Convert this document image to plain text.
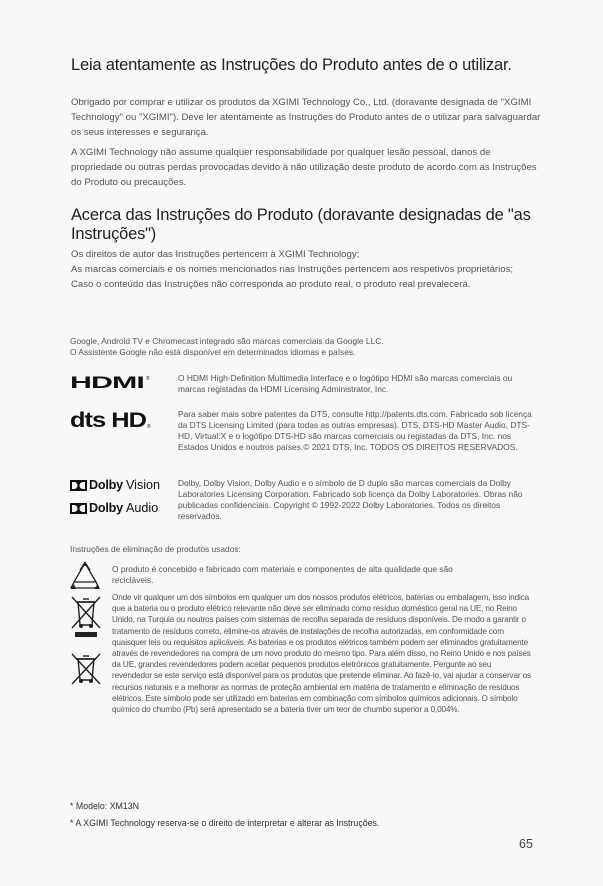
Leia atentamente as Instruções do Produto antes de o utilizar.

Obrigado por comprar e utilizar os produtos da XGIMI Technology Co., Ltd. (doravante designada de "XGIMI Technology" ou "XGIMI"). Deve ler atentamente as Instruções do Produto antes de o utilizar para salvaguardar os seus interesses e segurança.

A XGIMI Technology não assume qualquer responsabilidade por qualquer lesão pessoal, danos de propriedade ou outras perdas provocadas devido à não utilização deste produto de acordo com as Instruções do Produto ou precauções.

Acerca das Instruções do Produto (doravante designadas de "as Instruções")
Os direitos de autor das Instruções pertencem à XGIMI Technology;
As marcas comerciais e os nomes mencionados nas Instruções pertencem aos respetivos proprietários;
Caso o conteúdo das Instruções não corresponda ao produto real, o produto real prevalecerá.

Google, Android TV e Chromecast integrado são marcas comerciais da Google LLC.

O Assistente Google não está disponível em determinados idiomas e países.

HDMI ®	O HDMI High-Definition Multimedia Interface e o logótipo HDMI são marcas comerciais ou marcas registadas da HDMI Licensing Administrator, Inc.

dts HD ®

Para saber mais sobre patentes da DTS, consulte http://patents.dts.com. Fabricado sob licença da DTS Licensing Limited (para todas as outras empresas). DTS, DTS-HD Master Audio, DTS-HD, Virtual:X e o logótipo DTS-HD são marcas comerciais ou registadas da DTS, Inc. nos Estados Unidos e noutros países.© 2021 DTS, Inc. TODOS OS DIREITOS RESERVADOS.

Dolby Vision
Dolby Audio

Dolby, Dolby Vision, Dolby Audio e o símbolo de D duplo são marcas comerciais da Dolby Laboratories Licensing Corporation. Fabricado sob licença da Dolby Laboratories. Obras não publicadas confidenciais. Copyright © 1992-2022 Dolby Laboratories. Todos os direitos reservados.

Instruções de eliminação de produtos usados:

O produto é concebido e fabricado com materiais e componentes de alta qualidade que são recicláveis.

Onde vir qualquer um dos símbolos em qualquer um dos nossos produtos elétricos, baterias ou embalagem, isso indica que a bateria ou o produto elétrico relevante não deve ser eliminado como resíduo doméstico geral na UE, no Reino Unido, na Turquia ou noutros países com sistemas de recolha separada de resíduos disponíveis. De modo a garantir o tratamento de resíduos correto, elimine-os através de instalações de recolha autorizadas, em conformidade com quaisquer leis ou requisitos aplicáveis. As baterias e os produtos elétricos também podem ser eliminados gratuitamente através de revendedores na compra de um novo produto do mesmo tipo. Para além disso, no Reino Unido e nos países da UE, grandes revendedores podem aceitar pequenos produtos eletrónicos gratuitamente. Pergunte ao seu revendedor se este serviço está disponível para os produtos que pretende eliminar. Ao fazê-lo, vai ajudar a conservar os recursos naturais e a melhorar as normas de proteção ambiental em matéria de tratamento e eliminação de resíduos elétricos. Este símbolo pode ser utilizado em baterias em combinação com símbolos químicos adicionais. O símbolo químico do chumbo (Pb) será apresentado se a bateria tiver um teor de chumbo superior a 0,004%.

* Modelo: XM13N

* A XGIMI Technology reserva-se o direito de interpretar e alterar as Instruções.

65
